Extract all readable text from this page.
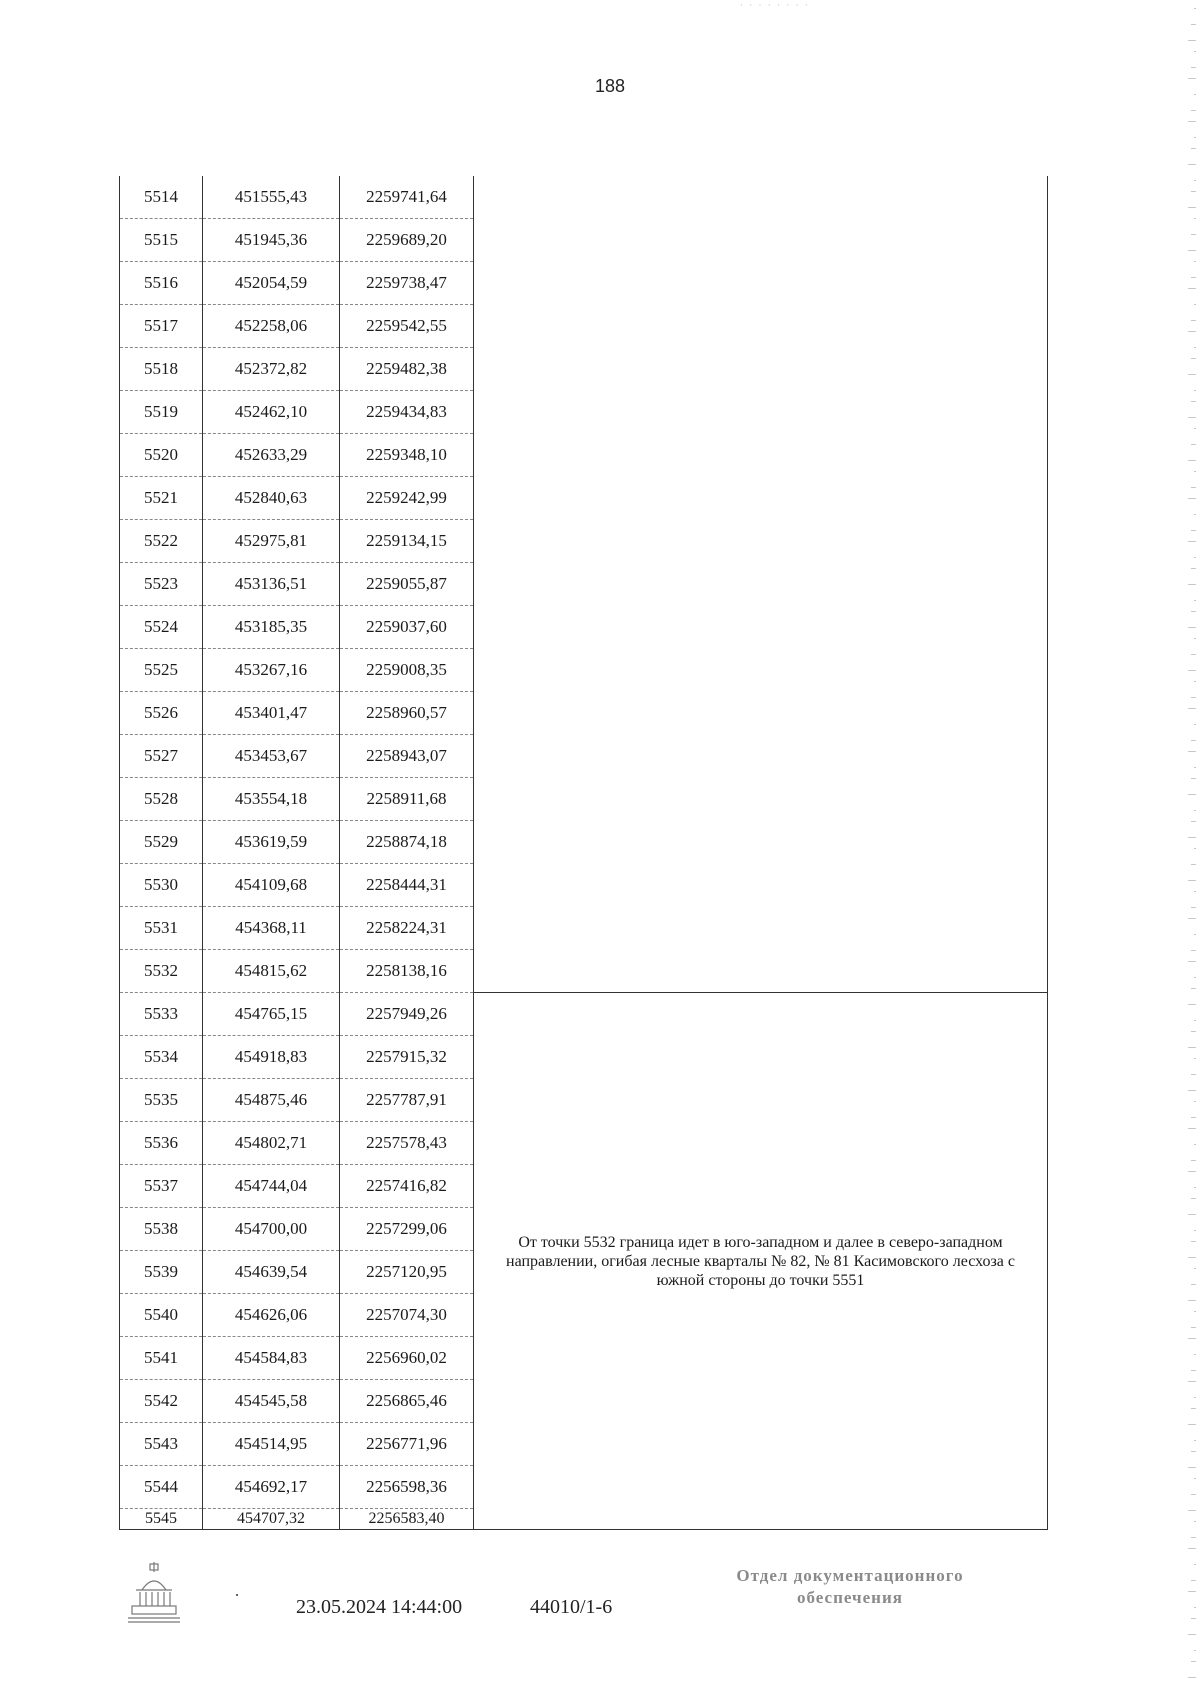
· · · · · · · ·
188
5514	451555,43	2259741,64	
5515	451945,36	2259689,20	
5516	452054,59	2259738,47	
5517	452258,06	2259542,55	
5518	452372,82	2259482,38	
5519	452462,10	2259434,83	
5520	452633,29	2259348,10	
5521	452840,63	2259242,99	
5522	452975,81	2259134,15	
5523	453136,51	2259055,87	
5524	453185,35	2259037,60	
5525	453267,16	2259008,35	
5526	453401,47	2258960,57	
5527	453453,67	2258943,07	
5528	453554,18	2258911,68	
5529	453619,59	2258874,18	
5530	454109,68	2258444,31	
5531	454368,11	2258224,31	
5532	454815,62	2258138,16	
5533	454765,15	2257949,26	От точки 5532 граница идет в юго-западном и далее в северо-западном направлении, огибая лесные кварталы № 82, № 81 Касимовского лесхоза с южной стороны до точки 5551
5534	454918,83	2257915,32	
5535	454875,46	2257787,91	
5536	454802,71	2257578,43	
5537	454744,04	2257416,82	
5538	454700,00	2257299,06	
5539	454639,54	2257120,95	
5540	454626,06	2257074,30	
5541	454584,83	2256960,02	
5542	454545,58	2256865,46	
5543	454514,95	2256771,96	
5544	454692,17	2256598,36	
5545	454707,32	2256583,40	
23.05.2024 14:44:00	44010/1-6
Отдел документационного
обеспечения
